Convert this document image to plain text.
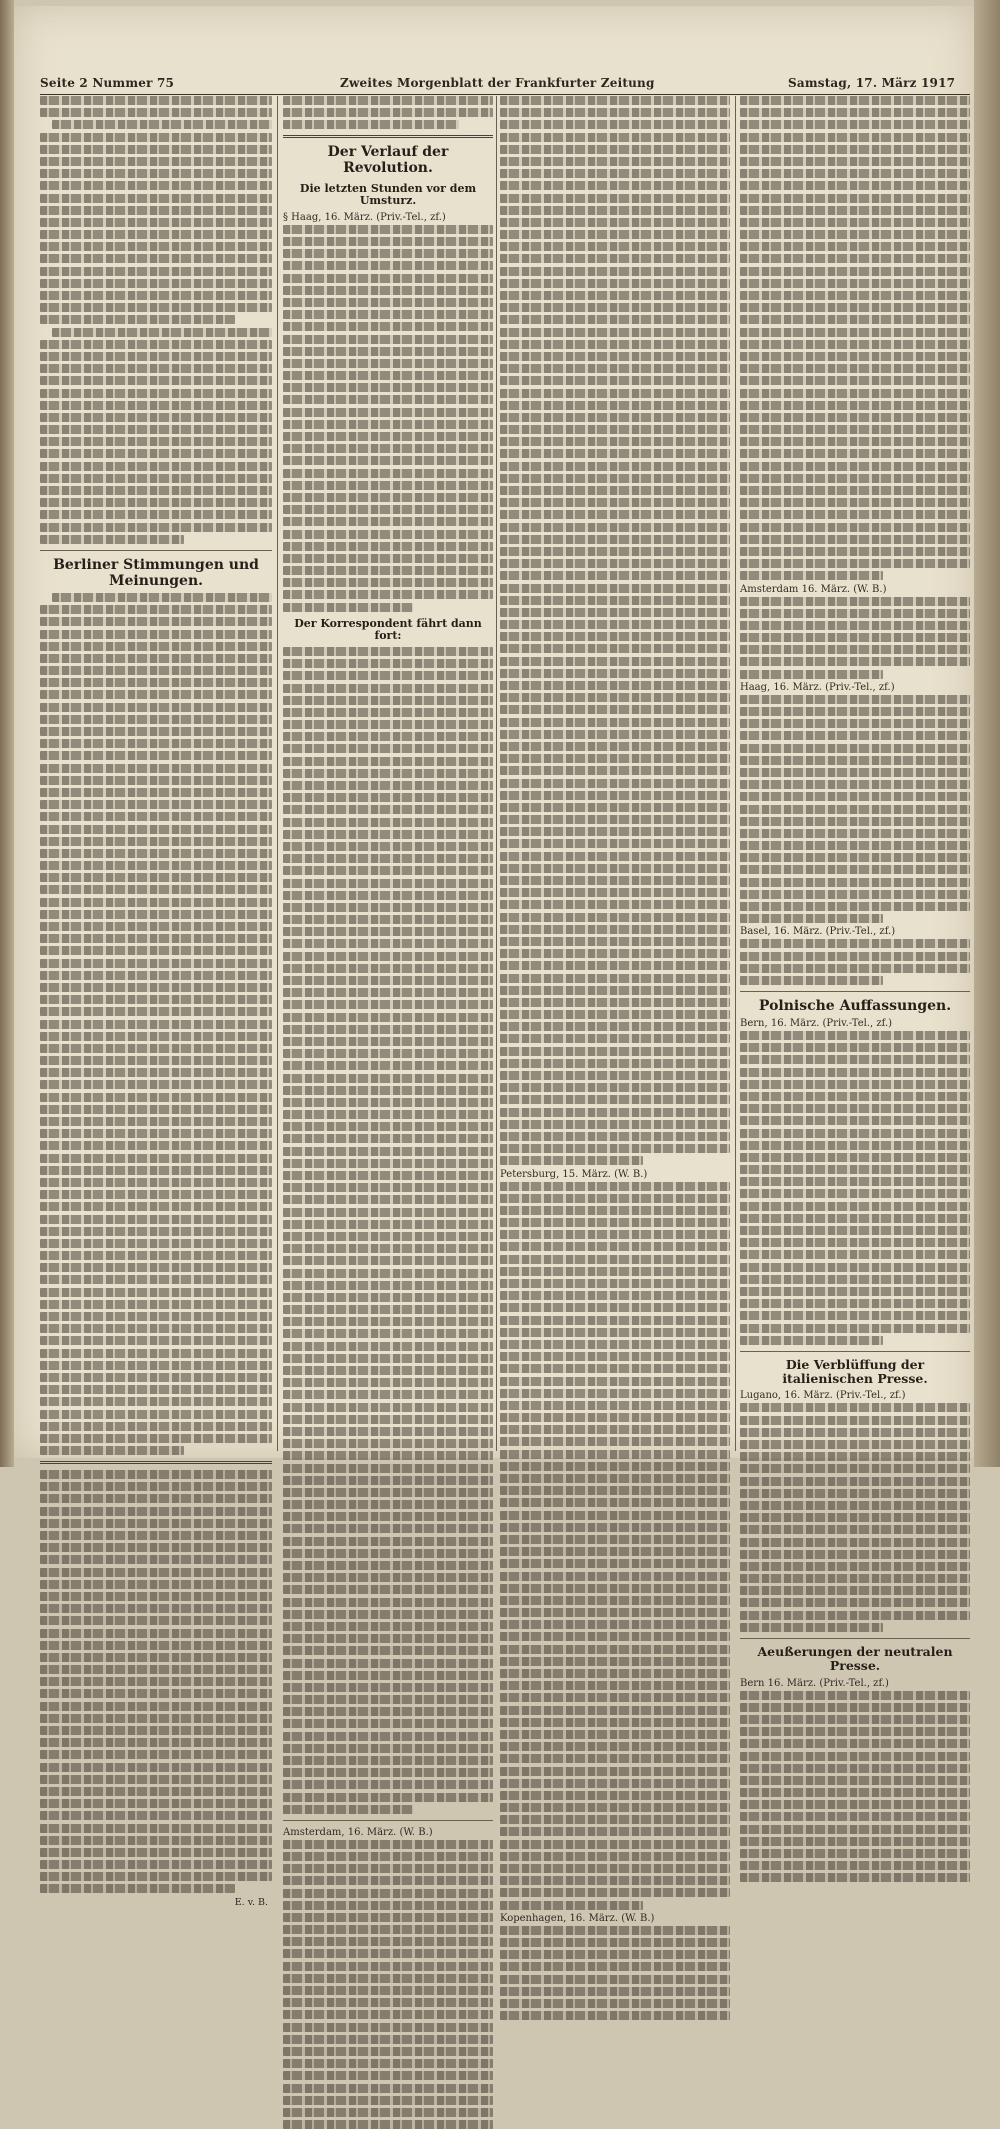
Seite 2 Nummer 75	Zweites Morgenblatt der Frankfurter Zeitung	Samstag, 17. März 1917
Berliner Stimmungen und Meinungen.
E. v. B.
Der Verlauf der Revolution.
Die letzten Stunden vor dem Umsturz.
§ Haag, 16. März. (Priv.-Tel., zf.)
Der Korrespondent fährt dann fort:
Amsterdam, 16. März. (W. B.)
Petersburg, 15. März. (W. B.)
Kopenhagen, 16. März. (W. B.)
Amsterdam 16. März. (W. B.)
Haag, 16. März. (Priv.-Tel., zf.)
Basel, 16. März. (Priv.-Tel., zf.)
Polnische Auffassungen.
Bern, 16. März. (Priv.-Tel., zf.)
Die Verblüffung der italienischen Presse.
Lugano, 16. März. (Priv.-Tel., zf.)
Aeußerungen der neutralen Presse.
Bern 16. März. (Priv.-Tel., zf.)
